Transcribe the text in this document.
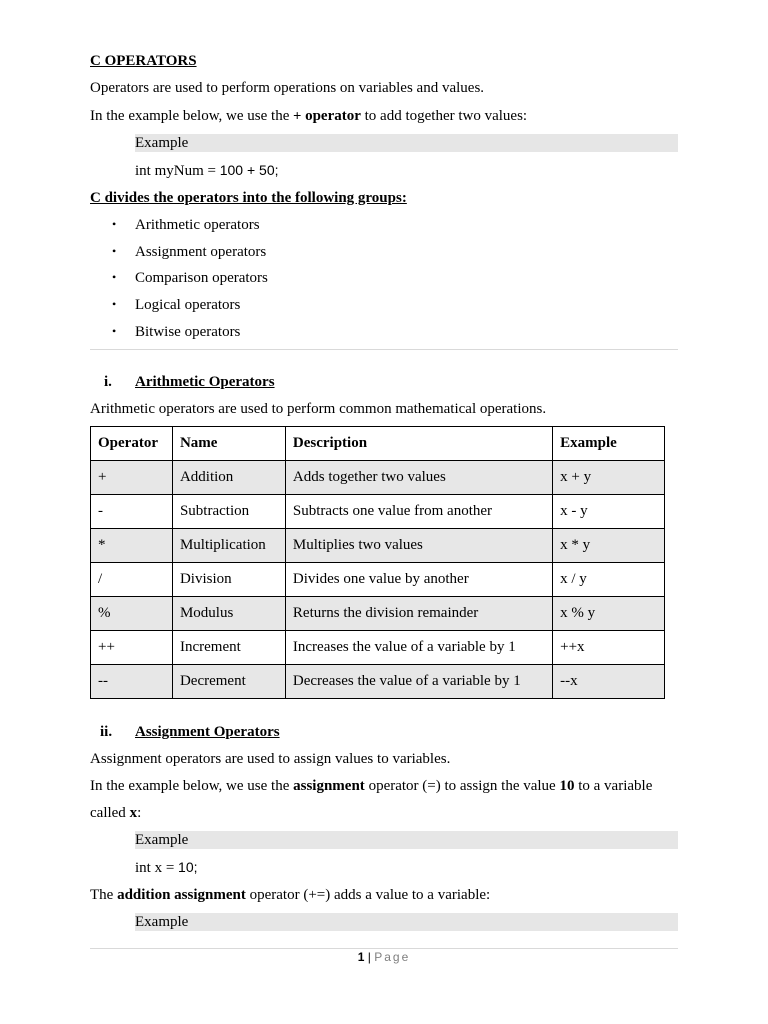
C OPERATORS
Operators are used to perform operations on variables and values.
In the example below, we use the + operator to add together two values:
Example
int myNum = 100 + 50;
C divides the operators into the following groups:
• Arithmetic operators
• Assignment operators
• Comparison operators
• Logical operators
• Bitwise operators
i. Arithmetic Operators
Arithmetic operators are used to perform common mathematical operations.
Operator	Name	Description	Example
+	Addition	Adds together two values	x + y
-	Subtraction	Subtracts one value from another	x - y
*	Multiplication	Multiplies two values	x * y
/	Division	Divides one value by another	x / y
%	Modulus	Returns the division remainder	x % y
++	Increment	Increases the value of a variable by 1	++x
--	Decrement	Decreases the value of a variable by 1	--x
ii. Assignment Operators
Assignment operators are used to assign values to variables.
In the example below, we use the assignment operator (=) to assign the value 10 to a variable
called x:
Example
int x = 10;
The addition assignment operator (+=) adds a value to a variable:
Example
1 | Page
